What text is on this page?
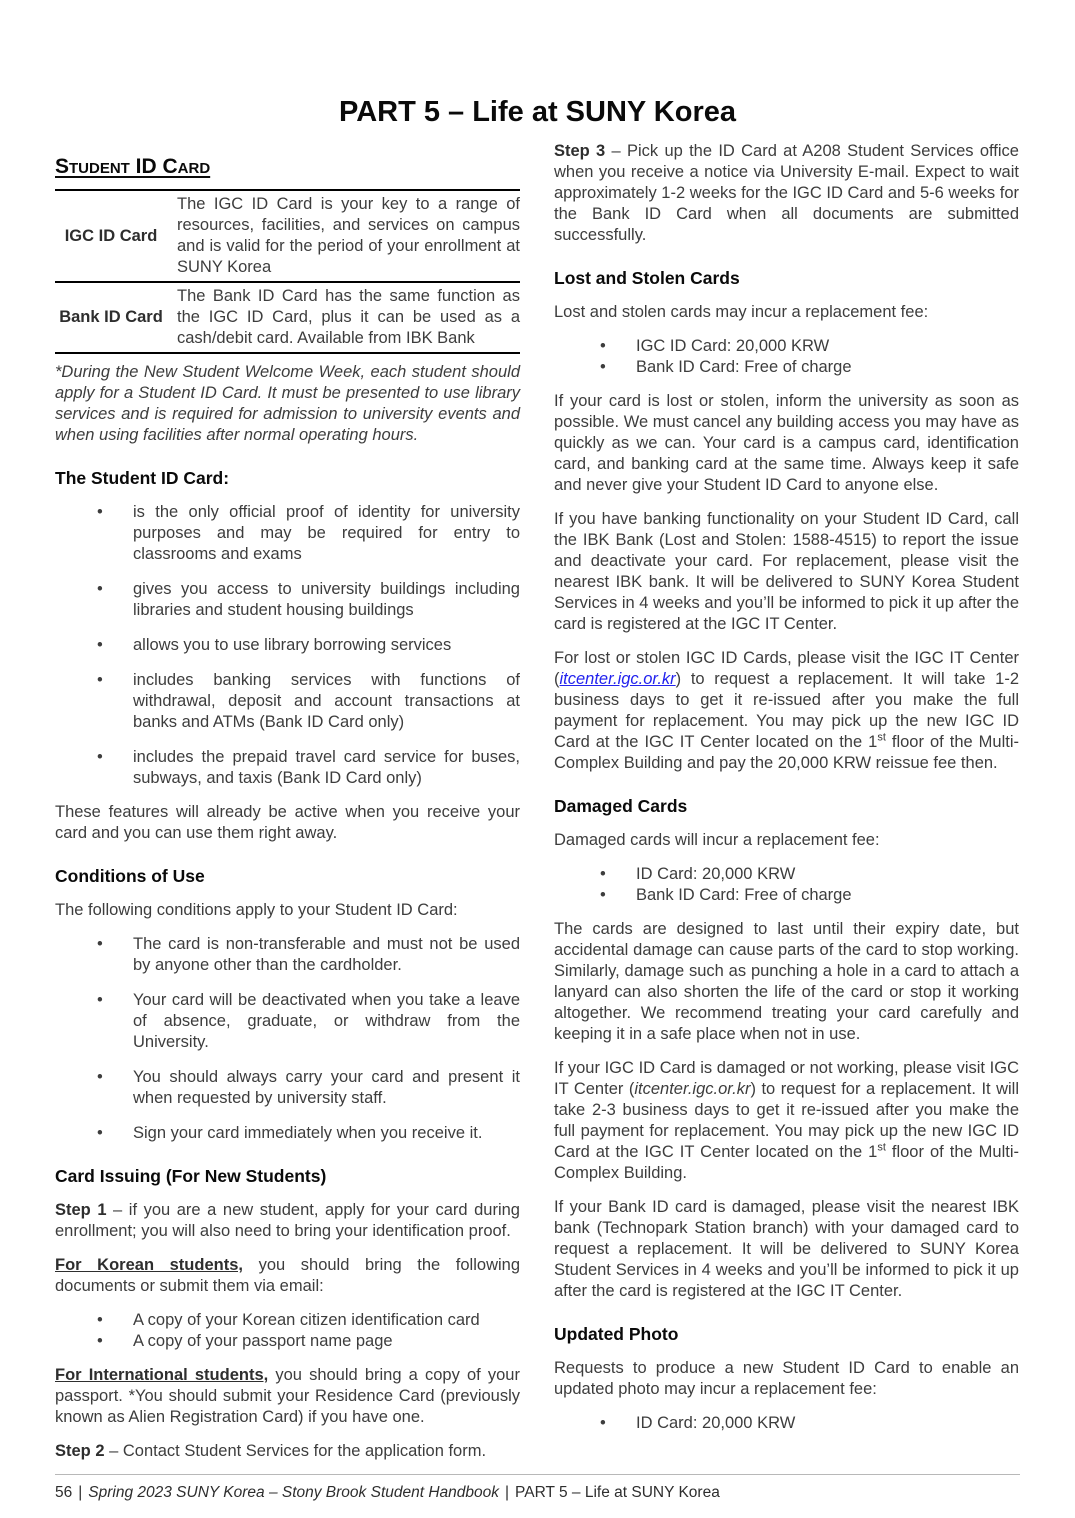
PART 5 – Life at SUNY Korea
Student ID Card
IGC ID Card	The IGC ID Card is your key to a range of resources, facilities, and services on campus and is valid for the period of your enrollment at SUNY Korea
Bank ID Card	The Bank ID Card has the same function as the IGC ID Card, plus it can be used as a cash/debit card. Available from IBK Bank

*During the New Student Welcome Week, each student should apply for a Student ID Card. It must be presented to use library services and is required for admission to university events and when using facilities after normal operating hours.

The Student ID Card:
• is the only official proof of identity for university purposes and may be required for entry to classrooms and exams
• gives you access to university buildings including libraries and student housing buildings
• allows you to use library borrowing services
• includes banking services with functions of withdrawal, deposit and account transactions at banks and ATMs (Bank ID Card only)
• includes the prepaid travel card service for buses, subways, and taxis (Bank ID Card only)

These features will already be active when you receive your card and you can use them right away.

Conditions of Use

The following conditions apply to your Student ID Card:

• The card is non-transferable and must not be used by anyone other than the cardholder.
• Your card will be deactivated when you take a leave of absence, graduate, or withdraw from the University.
• You should always carry your card and present it when requested by university staff.
• Sign your card immediately when you receive it.
Card Issuing (For New Students)

Step 1 – if you are a new student, apply for your card during enrollment; you will also need to bring your identification proof.

For Korean students, you should bring the following documents or submit them via email:

• A copy of your Korean citizen identification card
• A copy of your passport name page

For International students, you should bring a copy of your passport. *You should submit your Residence Card (previously known as Alien Registration Card) if you have one.

Step 2 – Contact Student Services for the application form.

Step 3 – Pick up the ID Card at A208 Student Services office when you receive a notice via University E-mail. Expect to wait approximately 1-2 weeks for the IGC ID Card and 5-6 weeks for the Bank ID Card when all documents are submitted successfully.

Lost and Stolen Cards

Lost and stolen cards may incur a replacement fee:

• IGC ID Card: 20,000 KRW
• Bank ID Card: Free of charge

If your card is lost or stolen, inform the university as soon as possible. We must cancel any building access you may have as quickly as we can. Your card is a campus card, identification card, and banking card at the same time. Always keep it safe and never give your Student ID Card to anyone else.

If you have banking functionality on your Student ID Card, call the IBK Bank (Lost and Stolen: 1588-4515) to report the issue and deactivate your card. For replacement, please visit the nearest IBK bank. It will be delivered to SUNY Korea Student Services in 4 weeks and you’ll be informed to pick it up after the card is registered at the IGC IT Center.

For lost or stolen IGC ID Cards, please visit the IGC IT Center (itcenter.igc.or.kr) to request a replacement. It will take 1-2 business days to get it re-issued after you make the full payment for replacement. You may pick up the new IGC ID Card at the IGC IT Center located on the 1st floor of the Multi-Complex Building and pay the 20,000 KRW reissue fee then.

Damaged Cards

Damaged cards will incur a replacement fee:

• ID Card: 20,000 KRW
• Bank ID Card: Free of charge

The cards are designed to last until their expiry date, but accidental damage can cause parts of the card to stop working. Similarly, damage such as punching a hole in a card to attach a lanyard can also shorten the life of the card or stop it working altogether. We recommend treating your card carefully and keeping it in a safe place when not in use.

If your IGC ID Card is damaged or not working, please visit IGC IT Center (itcenter.igc.or.kr) to request for a replacement. It will take 2-3 business days to get it re-issued after you make the full payment for replacement. You may pick up the new IGC ID Card at the IGC IT Center located on the 1st floor of the Multi-Complex Building.

If your Bank ID card is damaged, please visit the nearest IBK bank (Technopark Station branch) with your damaged card to request a replacement. It will be delivered to SUNY Korea Student Services in 4 weeks and you’ll be informed to pick it up after the card is registered at the IGC IT Center.

Updated Photo

Requests to produce a new Student ID Card to enable an updated photo may incur a replacement fee:

• ID Card: 20,000 KRW
56 | Spring 2023 SUNY Korea – Stony Brook Student Handbook | PART 5 – Life at SUNY Korea
